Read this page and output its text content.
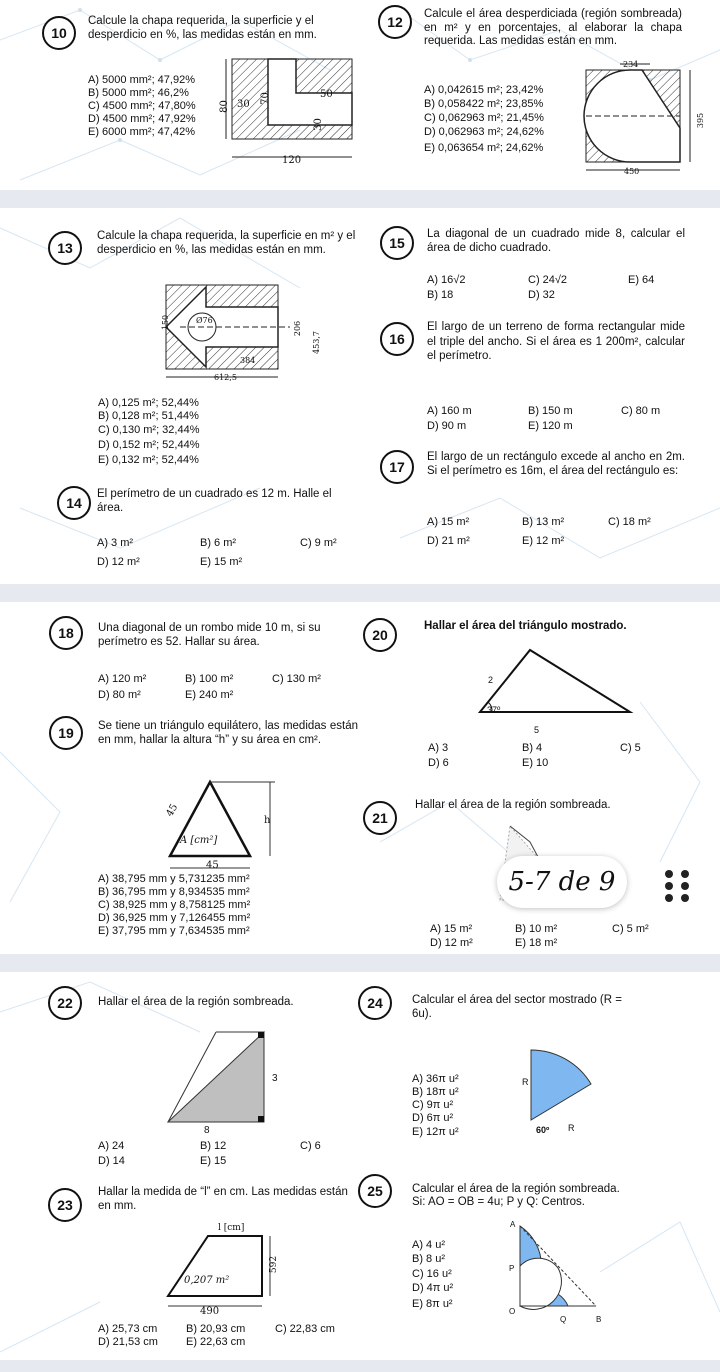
10
Calcule la chapa requerida, la superficie y el desperdicio en %, las medidas están en mm.
A) 5000 mm²; 47,92%
B) 5000 mm²; 46,2%
C) 4500 mm²; 47,80%
D) 4500 mm²; 47,92%
E) 6000 mm²; 47,42%
80 30 70	50
30
120
12	Calcule el área desperdiciada (región sombreada) en m² y en porcentajes, al elaborar la chapa requerida. Las medidas están en mm.
A) 0,042615 m²; 23,42%
B) 0,058422 m²; 23,85%
C) 0,062963 m²; 21,45%
D) 0,062963 m²; 24,62%
E) 0,063654 m²; 24,62%
234
395
450
13
Calcule la chapa requerida, la superficie en m² y el desperdicio en %, las medidas están en mm.
150	Ø76
384
206
453,7
612,5
A) 0,125 m²; 52,44%
B) 0,128 m²; 51,44%
C) 0,130 m²; 32,44%
D) 0,152 m²; 52,44%
E) 0,132 m²; 52,44%
14
El perímetro de un cuadrado es 12 m. Halle el área.
A) 3 m²	B) 6 m²	C) 9 m²
D) 12 m²	E) 15 m²
15
La diagonal de un cuadrado mide 8, calcular el área de dicho cuadrado.
A) 16√2	C) 24√2	E) 64
B) 18	D) 32
16
El largo de un terreno de forma rectangular mide el triple del ancho. Si el área es 1 200m², calcular el perímetro.
A) 160 m	B) 150 m	C) 80 m
D) 90 m	E) 120 m
17
El largo de un rectángulo excede al ancho en 2m. Si el perímetro es 16m, el área del rectángulo es:
A) 15 m²	B) 13 m²	C) 18 m²
D) 21 m²	E) 12 m²
18	Una diagonal de un rombo mide 10 m, si su perímetro es 52. Hallar su área.
A) 120 m²	B) 100 m²	C) 130 m²
D) 80 m²	E) 240 m²
19	Se tiene un triángulo equilátero, las medidas están en mm, hallar la altura “h” y su área en cm².
45
h
A [cm²]
45
A) 38,795 mm y 5,731235 mm²
B) 36,795 mm y 8,934535 mm²
C) 38,925 mm y 8,758125 mm²
D) 36,925 mm y 7,126455 mm²
E) 37,795 mm y 7,634535 mm²
20
Hallar el área del triángulo mostrado.
2
37º
5
A) 3	B) 4	C) 5
D) 6	E) 10
21
Hallar el área de la región sombreada.
A) 15 m²	B) 10 m²	C) 5 m²
D) 12 m²	E) 18 m²
5-7 de 9
22	Hallar el área de la región sombreada.
3
8
A) 24	B) 12	C) 6
D) 14	E) 15
24	Calcular el área del sector mostrado (R = 6u).
R
60º R
A) 36π u²
B) 18π u²
C) 9π u²
D) 6π u²
E) 12π u²
23
Hallar la medida de “l” en cm. Las medidas están en mm.
l [cm]
0,207 m²
592
490
A) 25,73 cm	B) 20,93 cm	C) 22,83 cm
D) 21,53 cm	E) 22,63 cm
25	Calcular el área de la región sombreada.
Si: AO = OB = 4u; P y Q: Centros.
A
P
O
Q	B
A) 4 u²
B) 8 u²
C) 16 u²
D) 4π u²
E) 8π u²
